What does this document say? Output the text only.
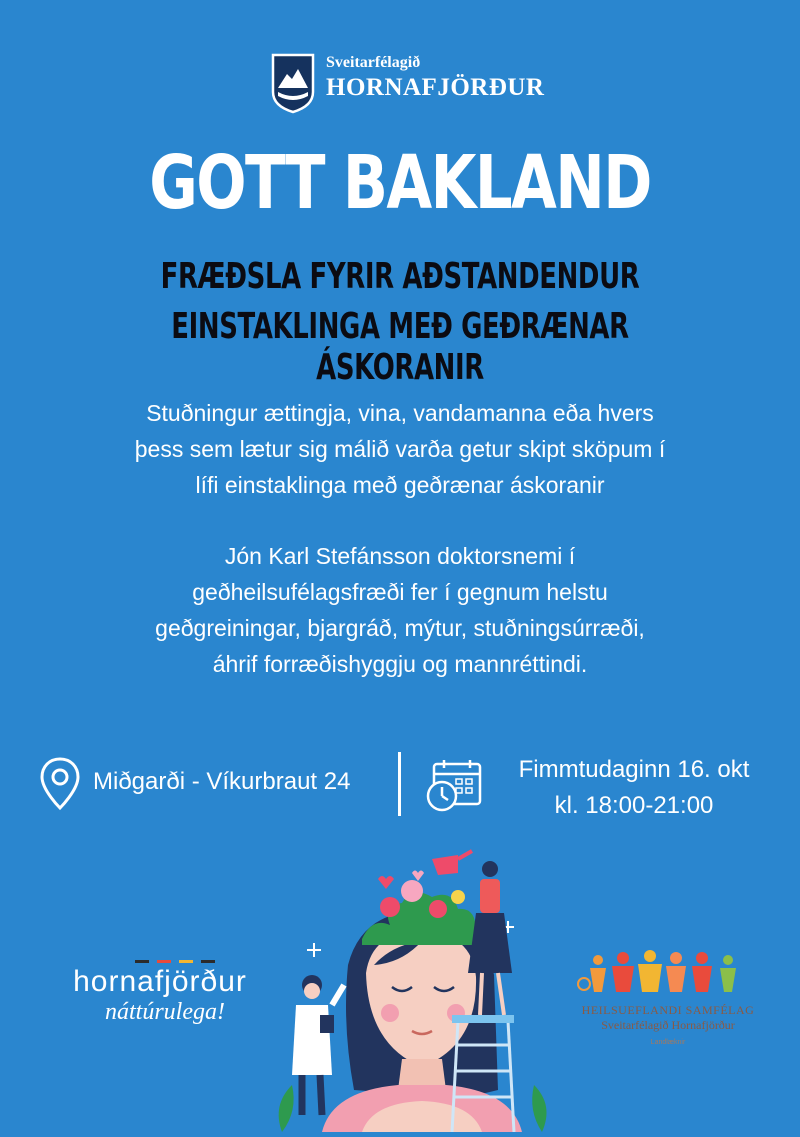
Sveitarfélagið
HORNAFJÖRÐUR
GOTT BAKLAND
FRÆÐSLA FYRIR AÐSTANDENDUR
EINSTAKLINGA MEÐ GEÐRÆNAR ÁSKORANIR
Stuðningur ættingja, vina, vandamanna eða hvers
þess sem lætur sig málið varða getur skipt sköpum í
lífi einstaklinga með geðrænar áskoranir
Jón Karl Stefánsson doktorsnemi í
geðheilsufélagsfræði fer í gegnum helstu
geðgreiningar, bjargráð, mýtur, stuðningsúrræði,
áhrif forræðishyggju og mannréttindi.
Miðgarði - Víkurbraut 24	Fimmtudaginn 16. okt
kl. 18:00-21:00
hornafjörður
náttúrulega!	HEILSUEFLANDI SAMFÉLAG
Sveitarfélagið Hornafjörður
Landlæknir
